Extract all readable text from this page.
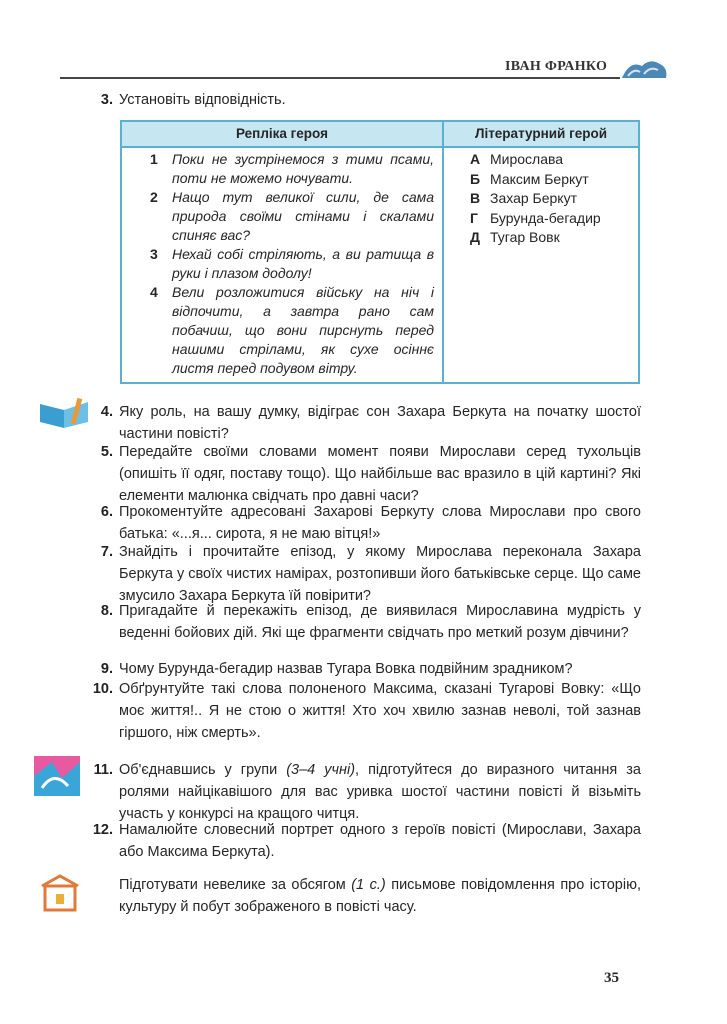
ІВАН ФРАНКО
3. Установіть відповідність.
Репліка героя	Літературний герой
1 Поки не зустрінемося з тими псами, поти не можемо ночувати.
2 Нащо тут великої сили, де сама природа своїми стінами і скалами спиняє вас?
3 Нехай собі стріляють, а ви ратища в руки і плазом додолу!
4 Вели розложитися війську на ніч і відпочити, а завтра рано сам побачиш, що вони пирснуть перед нашими стрілами, як сухе осіннє листя перед подувом вітру.
А Мирослава
Б Максим Беркут
В Захар Беркут
Г Бурунда-бегадир
Д Тугар Вовк
4. Яку роль, на вашу думку, відіграє сон Захара Беркута на початку шостої частини повісті?
5. Передайте своїми словами момент появи Мирослави серед тухольців (опишіть її одяг, поставу тощо). Що найбільше вас вразило в цій картині? Які елементи малюнка свідчать про давні часи?
6. Прокоментуйте адресовані Захарові Беркуту слова Мирослави про свого батька: «...я... сирота, я не маю вітця!»
7. Знайдіть і прочитайте епізод, у якому Мирослава переконала Захара Беркута у своїх чистих намірах, розтопивши його батьківське серце. Що саме змусило Захара Беркута їй повірити?
8. Пригадайте й перекажіть епізод, де виявилася Мирославина мудрість у веденні бойових дій. Які ще фрагменти свідчать про меткий розум дівчини?
9. Чому Бурунда-бегадир назвав Тугара Вовка подвійним зрадником?
10. Обґрунтуйте такі слова полоненого Максима, сказані Тугарові Вовку: «Що моє життя!.. Я не стою о життя! Хто хоч хвилю зазнав неволі, той зазнав гіршого, ніж смерть».
11. Об'єднавшись у групи (3–4 учні), підготуйтеся до виразного читання за ролями найцікавішого для вас уривка шостої частини повісті й візьміть участь у конкурсі на кращого читця.
12. Намалюйте словесний портрет одного з героїв повісті (Мирослави, Захара або Максима Беркута).
Підготувати невелике за обсягом (1 с.) письмове повідомлення про історію, культуру й побут зображеного в повісті часу.
35
